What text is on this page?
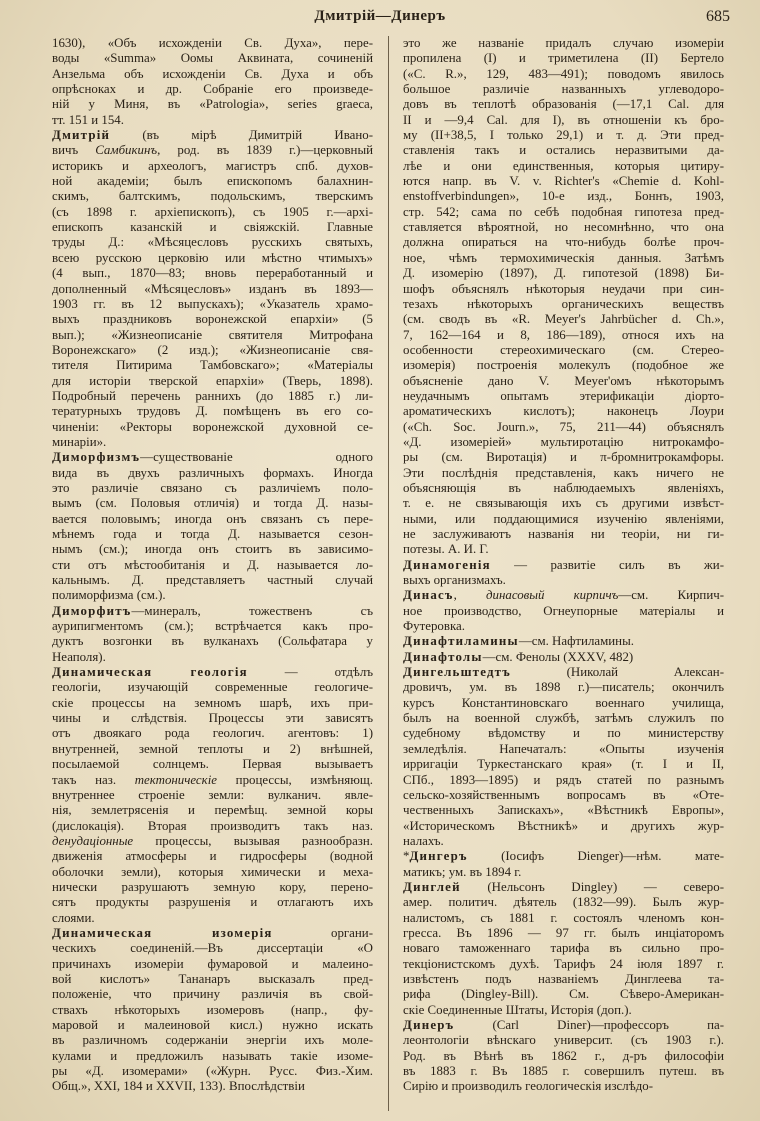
Дмитрій—Динеръ	685
1630), «Объ исхожденіи Св. Духа», пере-
воды «Summa» Оомы Аквината, сочиненій
Анзельма объ исхожденіи Св. Духа и объ
опрѣсноках и др. Собраніе его произведе-
ній у Миня, въ «Patrologia», series graeca,
тт. 151 и 154.
Дмитрій (въ мірѣ Димитрій Ивано-
вичъ Самбикинъ, род. въ 1839 г.)—церковный
историкъ и археологъ, магистръ спб. духов-
ной академіи; былъ епископомъ балахнин-
скимъ, балтскимъ, подольскимъ, тверскимъ
(съ 1898 г. архіепископъ), съ 1905 г.—архі-
епископъ казанскій и свіяжскій. Главные
труды Д.: «Мѣсяцесловъ русскихъ святыхъ,
всею русскою церковію или мѣстно чтимыхъ»
(4 вып., 1870—83; вновь переработанный и
дополненный «Мѣсяцесловъ» изданъ въ 1893—
1903 гг. въ 12 выпускахъ); «Указатель храмо-
выхъ праздниковъ воронежской епархіи» (5
вып.); «Жизнеописаніе святителя Митрофана
Воронежскаго» (2 изд.); «Жизнеописаніе свя-
тителя Питирима Тамбовскаго»; «Матеріалы
для исторіи тверской епархіи» (Тверь, 1898).
Подробный перечень раннихъ (до 1885 г.) ли-
тературныхъ трудовъ Д. помѣщенъ въ его со-
чиненіи: «Ректоры воронежской духовной се-
минаріи».
Диморфизмъ—существованіе одного
вида въ двухъ различныхъ формахъ. Иногда
это различіе связано съ различіемъ поло-
вымъ (см. Половыя отличія) и тогда Д. назы-
вается половымъ; иногда онъ связанъ съ пере-
мѣнемъ года и тогда Д. называется сезон-
нымъ (см.); иногда онъ стоитъ въ зависимо-
сти отъ мѣстообитанія и Д. называется ло-
кальнымъ. Д. представляетъ частный случай
полиморфизма (см.).
Диморфитъ—минералъ, тожественъ съ
аурипигментомъ (см.); встрѣчается какъ про-
дуктъ возгонки въ вулканахъ (Сольфатара у
Неаполя).
Динамическая геологія — отдѣлъ
геологіи, изучающій современные геологиче-
скіе процессы на земномъ шарѣ, ихъ при-
чины и слѣдствія. Процессы эти зависятъ
отъ двоякаго рода геологич. агентовъ: 1)
внутренней, земной теплоты и 2) внѣшней,
посылаемой солнцемъ. Первая вызываетъ
такъ наз. тектоническіе процессы, измѣняющ.
внутреннее строеніе земли: вулканич. явле-
нія, землетрясенія и перемѣщ. земной коры
(дислокація). Вторая производитъ такъ наз.
денудаціонные процессы, вызывая разнообразн.
движенія атмосферы и гидросферы (водной
оболочки земли), которыя химически и меха-
нически разрушаютъ земную кору, перено-
сятъ продукты разрушенія и отлагаютъ ихъ
слоями.
Динамическая изомерія органи-
ческихъ соединеній.—Въ диссертаціи «О
причинахъ изомеріи фумаровой и малеино-
вой кислотъ» Тананаръ высказалъ пред-
положеніе, что причину различія въ свой-
ствахъ нѣкоторыхъ изомеровъ (напр., фу-
маровой и малеиновой кисл.) нужно искать
въ различномъ содержаніи энергіи ихъ моле-
кулами и предложилъ называть такіе изоме-
ры «Д. изомерами» («Журн. Русс. Физ.-Хим.
Общ.», XXI, 184 и XXVII, 133). Впослѣдствіи
это же названіе придалъ случаю изомеріи
пропилена (I) и триметилена (II) Бертело
(«C. R.», 129, 483—491); поводомъ явилось
большое различіе названныхъ углеводоро-
довъ въ теплотѣ образованія (—17,1 Cal. для
II и —9,4 Cal. для I), въ отношеніи къ бро-
му (II+38,5, I только 29,1) и т. д. Эти пред-
ставленія такъ и остались неразвитыми да-
лѣе и они единственныя, которыя цитиру-
ются напр. въ V. v. Richter's «Chemie d. Kohl-
enstoffverbindungen», 10-е изд., Боннъ, 1903,
стр. 542; сама по себѣ подобная гипотеза пред-
ставляется вѣроятной, но несомнѣнно, что она
должна опираться на что-нибудь болѣе проч-
ное, чѣмъ термохимическія данныя. Затѣмъ
Д. изомерію (1897), Д. гипотезой (1898) Би-
шофъ объяснялъ нѣкоторыя неудачи при син-
тезахъ нѣкоторыхъ органическихъ веществъ
(см. сводъ въ «R. Meyer's Jahrbücher d. Ch.»,
7, 162—164 и 8, 186—189), относя ихъ на
особенности стереохимическаго (см. Стерео-
изомерія) построенія молекулъ (подобное же
объясненіе дано V. Meyer'омъ нѣкоторымъ
неудачнымъ опытамъ этерификаціи діорто-
ароматическихъ кислотъ); наконецъ Лоури
(«Ch. Soc. Journ.», 75, 211—44) объяснялъ
«Д. изомеріей» мультиротацію нитрокамфо-
ры (см. Виротація) и π-бромнитрокамфоры.
Эти послѣднія представленія, какъ ничего не
объясняющія въ наблюдаемыхъ явленіяхъ,
т. е. не связывающія ихъ съ другими извѣст-
ными, или поддающимися изученію явленіями,
не заслуживаютъ названія ни теоріи, ни ги-
потезы. А. И. Г.
Динамогенія — развитіе силъ въ жи-
выхъ организмахъ.
Динасъ, динасовый кирпичъ—см. Кирпич-
ное производство, Огнеупорные матеріалы и
Футеровка.
Динафтиламины—см. Нафтиламины.
Динафтолы—см. Фенолы (XXXV, 482)
Дингельштедтъ (Николай Алексан-
дровичъ, ум. въ 1898 г.)—писатель; окончилъ
курсъ Константиновскаго военнаго училища,
былъ на военной службѣ, затѣмъ служилъ по
судебному вѣдомству и по министерству
земледѣлія. Напечаталъ: «Опыты изученія
ирригаціи Туркестанскаго края» (т. I и II,
СПб., 1893—1895) и рядъ статей по разнымъ
сельско-хозяйственнымъ вопросамъ въ «Оте-
чественныхъ Запискахъ», «Вѣстникѣ Европы»,
«Историческомъ Вѣстникѣ» и другихъ жур-
налахъ.
*Дингеръ (Іосифъ Dienger)—нѣм. мате-
матикъ; ум. въ 1894 г.
Динглей (Нельсонъ Dingley) — северо-
амер. политич. дѣятель (1832—99). Былъ жур-
налистомъ, съ 1881 г. состоялъ членомъ кон-
гресса. Въ 1896 — 97 гг. былъ инціаторомъ
новаго таможеннаго тарифа въ сильно про-
текціонистскомъ духѣ. Тарифъ 24 іюля 1897 г.
извѣстенъ подъ названіемъ Динглеева та-
рифа (Dingley-Bill). См. Сѣверо-Американ-
скіе Соединенные Штаты, Исторія (доп.).
Динеръ (Carl Diner)—профессоръ па-
леонтологіи вѣнскаго университ. (съ 1903 г.).
Род. въ Вѣнѣ въ 1862 г., д-ръ философіи
въ 1883 г. Въ 1885 г. совершилъ путеш. въ
Сирію и производилъ геологическія изслѣдо-
